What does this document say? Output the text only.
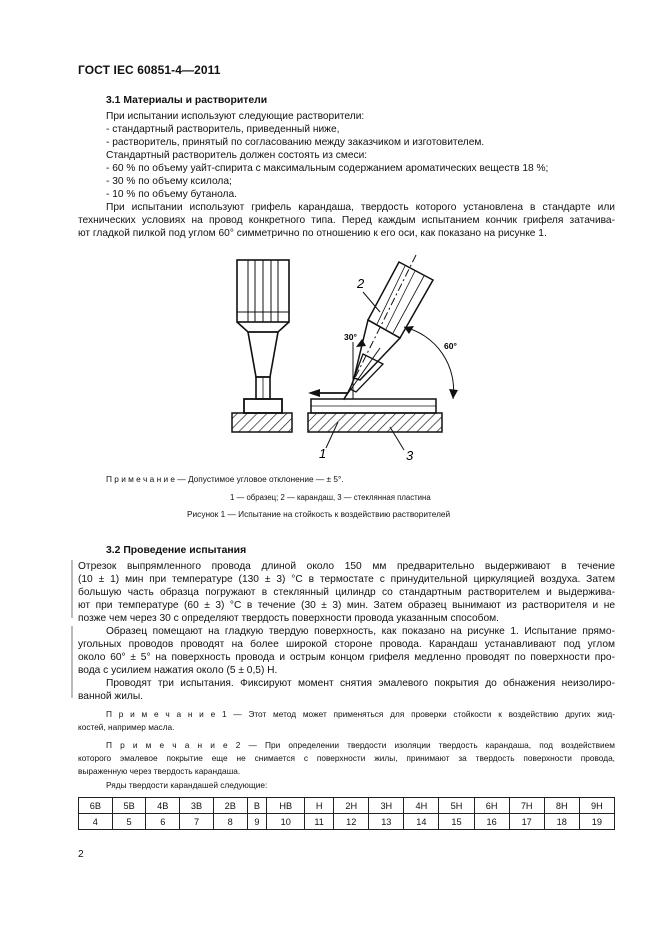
ГОСТ IEC 60851-4—2011
3.1 Материалы и растворители
При испытании используют следующие растворители:
- стандартный растворитель, приведенный ниже,
- растворитель, принятый по согласованию между заказчиком и изготовителем.
Стандартный растворитель должен состоять из смеси:
- 60 % по объему уайт-спирита с максимальным содержанием ароматических веществ 18 %;
- 30 % по объему ксилола;
- 10 % по объему бутанола.
При испытании используют грифель карандаша, твердость которого установлена в стандарте или
технических условиях на провод конкретного типа. Перед каждым испытанием кончик грифеля затачива-
ют гладкой пилкой под углом 60° симметрично по отношению к его оси, как показано на рисунке 1.
2
1	3
30°
60°
П р и м е ч а н и е — Допустимое угловое отклонение — ± 5°.
1 — образец; 2 — карандаш, 3 — стеклянная пластина
Рисунок 1 — Испытание на стойкость к воздействию растворителей
3.2 Проведение испытания
Отрезок выпрямленного провода длиной около 150 мм предварительно выдерживают в течение
(10 ± 1) мин при температуре (130 ± 3) °С в термостате с принудительной циркуляцией воздуха. Затем
большую часть образца погружают в стеклянный цилиндр со стандартным растворителем и выдержива-
ют при температуре (60 ± 3) °С в течение (30 ± 3) мин. Затем образец вынимают из растворителя и не
позже чем через 30 с определяют твердость поверхности провода указанным способом.
Образец помещают на гладкую твердую поверхность, как показано на рисунке 1. Испытание прямо-
угольных проводов проводят на более широкой стороне провода. Карандаш устанавливают под углом
около 60° ± 5° на поверхность провода и острым концом грифеля медленно проводят по поверхности про-
вода с усилием нажатия около (5 ± 0,5) Н.
Проводят три испытания. Фиксируют момент снятия эмалевого покрытия до обнажения неизолиро-
ванной жилы.
П р и м е ч а н и е 1 — Этот метод может применяться для проверки стойкости к воздействию других жид-
костей, например масла.
П р и м е ч а н и е 2 — При определении твердости изоляции твердость карандаша, под воздействием
которого эмалевое покрытие еще не снимается с поверхности жилы, принимают за твердость поверхности провода,
выраженную через твердость карандаша.
Ряды твердости карандашей следующие:
6B	5B	4B	3B	2B	B	HB	H	2H	3H	4H	5H	6H	7H	8H	9H
4	5	6	7	8	9	10	11	12	13	14	15	16	17	18	19
2
